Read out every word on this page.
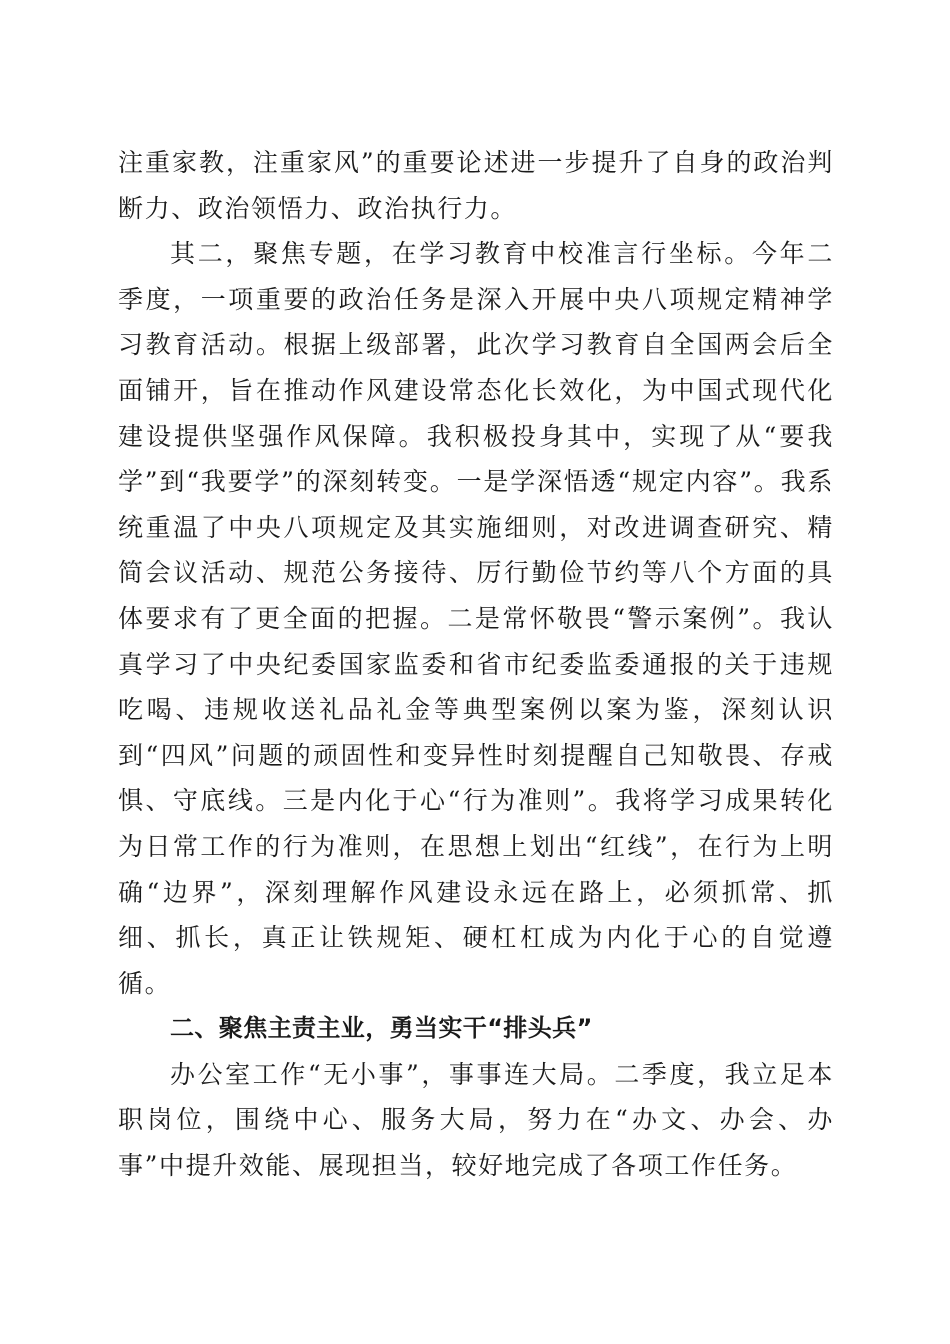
注重家教，注重家风”的重要论述进一步提升了自身的政治判断力、政治领悟力、政治执行力。

其二，聚焦专题，在学习教育中校准言行坐标。今年二季度，一项重要的政治任务是深入开展中央八项规定精神学习教育活动。根据上级部署，此次学习教育自全国两会后全面铺开，旨在推动作风建设常态化长效化，为中国式现代化建设提供坚强作风保障。我积极投身其中，实现了从“要我学”到“我要学”的深刻转变。一是学深悟透“规定内容”。我系统重温了中央八项规定及其实施细则，对改进调查研究、精简会议活动、规范公务接待、厉行勤俭节约等八个方面的具体要求有了更全面的把握。二是常怀敬畏“警示案例”。我认真学习了中央纪委国家监委和省市纪委监委通报的关于违规吃喝、违规收送礼品礼金等典型案例以案为鉴，深刻认识到“四风”问题的顽固性和变异性时刻提醒自己知敬畏、存戒惧、守底线。三是内化于心“行为准则”。我将学习成果转化为日常工作的行为准则，在思想上划出“红线”，在行为上明确“边界”，深刻理解作风建设永远在路上，必须抓常、抓细、抓长，真正让铁规矩、硬杠杠成为内化于心的自觉遵循。

二、聚焦主责主业，勇当实干“排头兵”

办公室工作“无小事”，事事连大局。二季度，我立足本职岗位，围绕中心、服务大局，努力在“办文、办会、办事”中提升效能、展现担当，较好地完成了各项工作任务。
